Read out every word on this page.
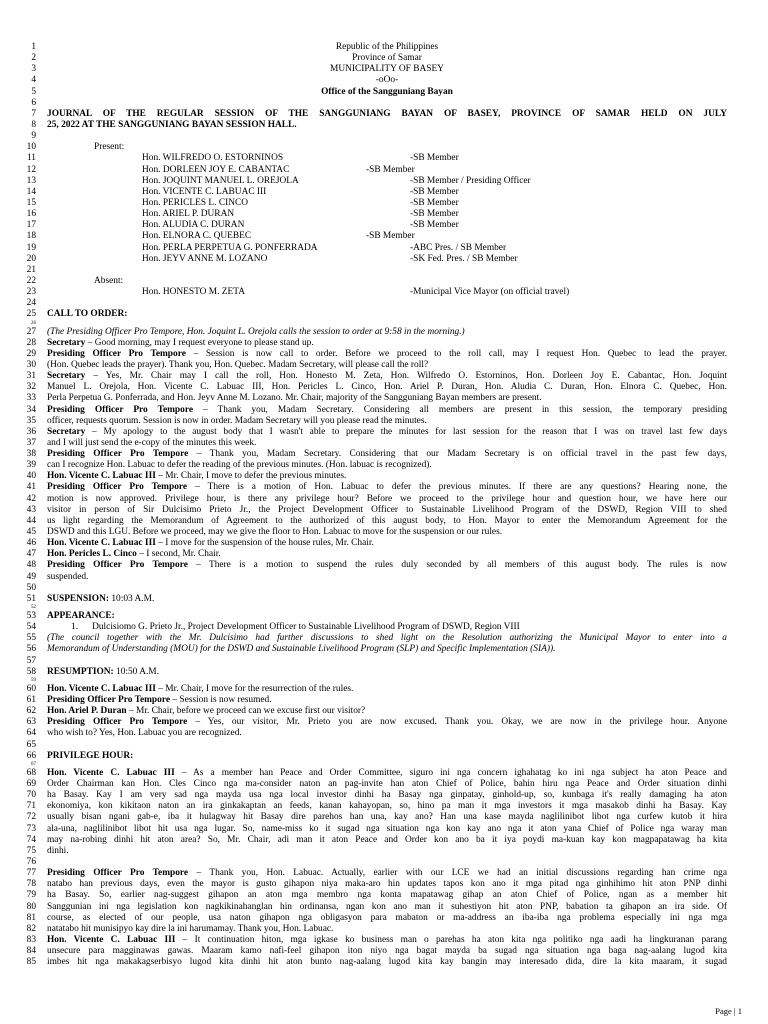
1	Republic of the Philippines
2	Province of Samar
3	MUNICIPALITY OF BASEY
4	-oOo-
5	Office of the Sangguniang Bayan
6
7	JOURNAL OF THE REGULAR SESSION OF THE SANGGUNIANG BAYAN OF BASEY, PROVINCE OF SAMAR HELD ON JULY
8	25, 2022 AT THE SANGGUNIANG BAYAN SESSION HALL.
9
10	Present:
11	Hon. WILFREDO O. ESTORNINOS	-SB Member
12	Hon. DORLEEN JOY E. CABANTAC	-SB Member
13	Hon. JOQUINT MANUEL L. OREJOLA	-SB Member / Presiding Officer
14	Hon. VICENTE C. LABUAC III	-SB Member
15	Hon. PERICLES L. CINCO	-SB Member
16	Hon. ARIEL P. DURAN	-SB Member
17	Hon. ALUDIA C. DURAN	-SB Member
18	Hon. ELNORA C. QUEBEC	-SB Member
19	Hon. PERLA PERPETUA G. PONFERRADA	-ABC Pres. / SB Member
20	Hon. JEYV ANNE M. LOZANO	-SK Fed. Pres. / SB Member
21
22	Absent:
23	Hon. HONESTO M. ZETA	-Municipal Vice Mayor (on official travel)
24
25	CALL TO ORDER:
26
27	(The Presiding Officer Pro Tempore, Hon. Joquint L. Orejola calls the session to order at 9:58 in the morning.)
28	Secretary – Good morning, may I request everyone to please stand up.
29	Presiding Officer Pro Tempore – Session is now call to order. Before we proceed to the roll call, may I request Hon. Quebec to lead the prayer.
30	(Hon. Quebec leads the prayer). Thank you, Hon. Quebec. Madam Secretary, will please call the roll?
31	Secretary – Yes, Mr. Chair may I call the roll, Hon. Honesto M. Zeta, Hon. Wilfredo O. Estorninos, Hon. Dorleen Joy E. Cabantac, Hon. Joquint
32	Manuel L. Orejola, Hon. Vicente C. Labuac III, Hon. Pericles L. Cinco, Hon. Ariel P. Duran, Hon. Aludia C. Duran, Hon. Elnora C. Quebec, Hon.
33	Perla Perpetua G. Ponferrada, and Hon. Jeyv Anne M. Lozano. Mr. Chair, majority of the Sangguniang Bayan members are present.
34	Presiding Officer Pro Tempore – Thank you, Madam Secretary. Considering all members are present in this session, the temporary presiding
35	officer, requests quorum. Session is now in order. Madam Secretary will you please read the minutes.
36	Secretary – My apology to the august body that I wasn't able to prepare the minutes for last session for the reason that I was on travel last few days
37	and I will just send the e-copy of the minutes this week.
38	Presiding Officer Pro Tempore – Thank you, Madam Secretary. Considering that our Madam Secretary is on official travel in the past few days,
39	can I recognize Hon. Labuac to defer the reading of the previous minutes. (Hon. labuac is recognized).
40	Hon. Vicente C. Labuac III – Mr. Chair, I move to defer the previous minutes.
41	Presiding Officer Pro Tempore – There is a motion of Hon. Labuac to defer the previous minutes. If there are any questions? Hearing none, the
42	motion is now approved. Privilege hour, is there any privilege hour? Before we proceed to the privilege hour and question hour, we have here our
43	visitor in person of Sir Dulcisimo Prieto Jr., the Project Development Officer to Sustainable Livelihood Program of the DSWD, Region VIII to shed
44	us light regarding the Memorandum of Agreement to the authorized of this august body, to Hon. Mayor to enter the Memorandum Agreement for the
45	DSWD and this LGU. Before we proceed, may we give the floor to Hon. Labuac to move for the suspension or our rules.
46	Hon. Vicente C. Labuac III – I move for the suspension of the house rules, Mr. Chair.
47	Hon. Pericles L. Cinco – I second, Mr. Chair.
48	Presiding Officer Pro Tempore – There is a motion to suspend the rules duly seconded by all members of this august body. The rules is now
49	suspended.
50
51	SUSPENSION: 10:03 A.M.
52
53	APPEARANCE:
54	1.      Dulcisiomo G. Prieto Jr., Project Development Officer to Sustainable Livelihood Program of DSWD, Region VIII
55	(The council together with the Mr. Dulcisimo had further discussions to shed light on the Resolution authorizing the Municipal Mayor to enter into a
56	Memorandum of Understanding (MOU) for the DSWD and Sustainable Livelihood Program (SLP) and Specific Implementation (SIA)).
57
58	RESUMPTION: 10:50 A.M.
59
60	Hon. Vicente C. Labuac III – Mr. Chair, I move for the resurrection of the rules.
61	Presiding Officer Pro Tempore – Session is now resumed.
62	Hon. Ariel P. Duran – Mr. Chair, before we proceed can we excuse first our visitor?
63	Presiding Officer Pro Tempore – Yes, our visitor, Mr. Prieto you are now excused. Thank you. Okay, we are now in the privilege hour. Anyone
64	who wish to? Yes, Hon. Labuac you are recognized.
65
66	PRIVILEGE HOUR:
67
68	Hon. Vicente C. Labuac III – As a member han Peace and Order Committee, siguro ini nga concern ighahatag ko ini nga subject ha aton Peace and
69	Order Chairman kan Hon. Cles Cinco nga ma-consider naton an pag-invite han aton Chief of Police, bahin hiru nga Peace and Order situation dinhi
70	ha Basay. Kay I am very sad nga mayda usa nga local investor dinhi ha Basay nga ginpatay, ginhold-up, so, kunbaga it's really damaging ha aton
71	ekonomiya, kon kikitaon naton an ira ginkakaptan an feeds, kanan kahayopan, so, hino pa man it mga investors it mga masakob dinhi ha Basay. Kay
72	usually bisan ngani gab-e, iba it hulagway hit Basay dire parehos han una, kay ano? Han una kase mayda naglilinibot libot nga curfew kutob it hira
73	ala-una, naglilinibot libot hit usa nga lugar. So, name-miss ko it sugad nga situation nga kon kay ano nga it aton yana Chief of Police nga waray man
74	may na-robing dinhi hit aton area? So, Mr. Chair, adi man it aton Peace and Order kon ano ba it iya poydi ma-kuan kay kon magpapatawag ha kita
75	dinhi.
76
77	Presiding Officer Pro Tempore – Thank you, Hon. Labuac. Actually, earlier with our LCE we had an initial discussions regarding han crime nga
78	natabo han previous days, even the mayor is gusto gihapon niya maka-aro hin updates tapos kon ano it mga pitad nga ginhihimo hit aton PNP dinhi
79	ha Basay. So, earlier nag-suggest gihapon an aton mga membro nga konta mapatawag gihap an aton Chief of Police, ngan as a member hit
80	Sanggunian ini nga legislation kon nagkikinahanglan hin ordinansa, ngan kon ano man it suhestiyon hit aton PNP, babation ta gihapon an ira side. Of
81	course, as elected of our people, usa naton gihapon nga obligasyon para mabaton or ma-address an iba-iba nga problema especially ini nga mga
82	natatabo hit munisipyo kay dire la ini harumamay. Thank you, Hon. Labuac.
83	Hon. Vicente C. Labuac III – It continuation hiton, mga igkase ko business man o parehas ha aton kita nga politiko nga aadi ha lingkuranan parang
84	unsecure para magginawas gawas. Maaram kamo nafi-feel gihapon iton niyo nga bagat mayda ba sugad nga situation nga baga nag-aalang lugod kita
85	imbes hit nga makakagserbisyo lugod kita dinhi hit aton bunto nag-aalang lugod kita kay bangin may interesado dida, dire la kita maaram, it sugad
Page | 1
